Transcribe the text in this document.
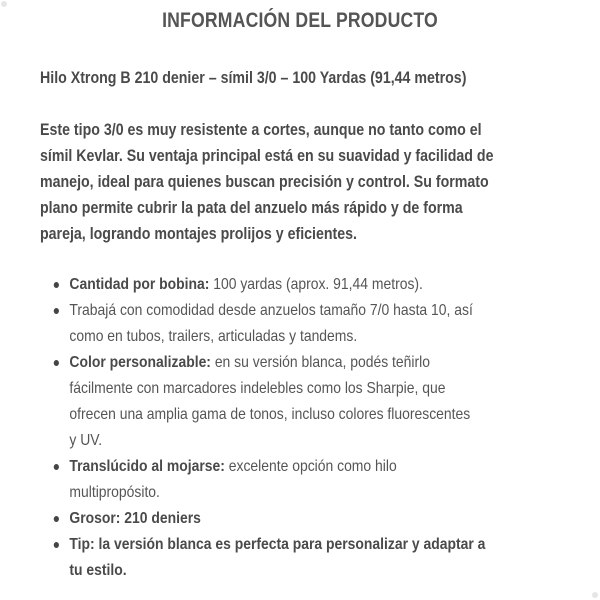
INFORMACIÓN DEL PRODUCTO
Hilo Xtrong B 210 denier – símil 3/0 – 100 Yardas (91,44 metros)
Este tipo 3/0 es muy resistente a cortes, aunque no tanto como el
símil Kevlar. Su ventaja principal está en su suavidad y facilidad de
manejo, ideal para quienes buscan precisión y control. Su formato
plano permite cubrir la pata del anzuelo más rápido y de forma
pareja, logrando montajes prolijos y eficientes.
Cantidad por bobina: 100 yardas (aprox. 91,44 metros).
Trabajá con comodidad desde anzuelos tamaño 7/0 hasta 10, así
como en tubos, trailers, articuladas y tandems.
Color personalizable: en su versión blanca, podés teñirlo
fácilmente con marcadores indelebles como los Sharpie, que
ofrecen una amplia gama de tonos, incluso colores fluorescentes
y UV.
Translúcido al mojarse: excelente opción como hilo
multipropósito.
Grosor: 210 deniers
Tip: la versión blanca es perfecta para personalizar y adaptar a
tu estilo.
